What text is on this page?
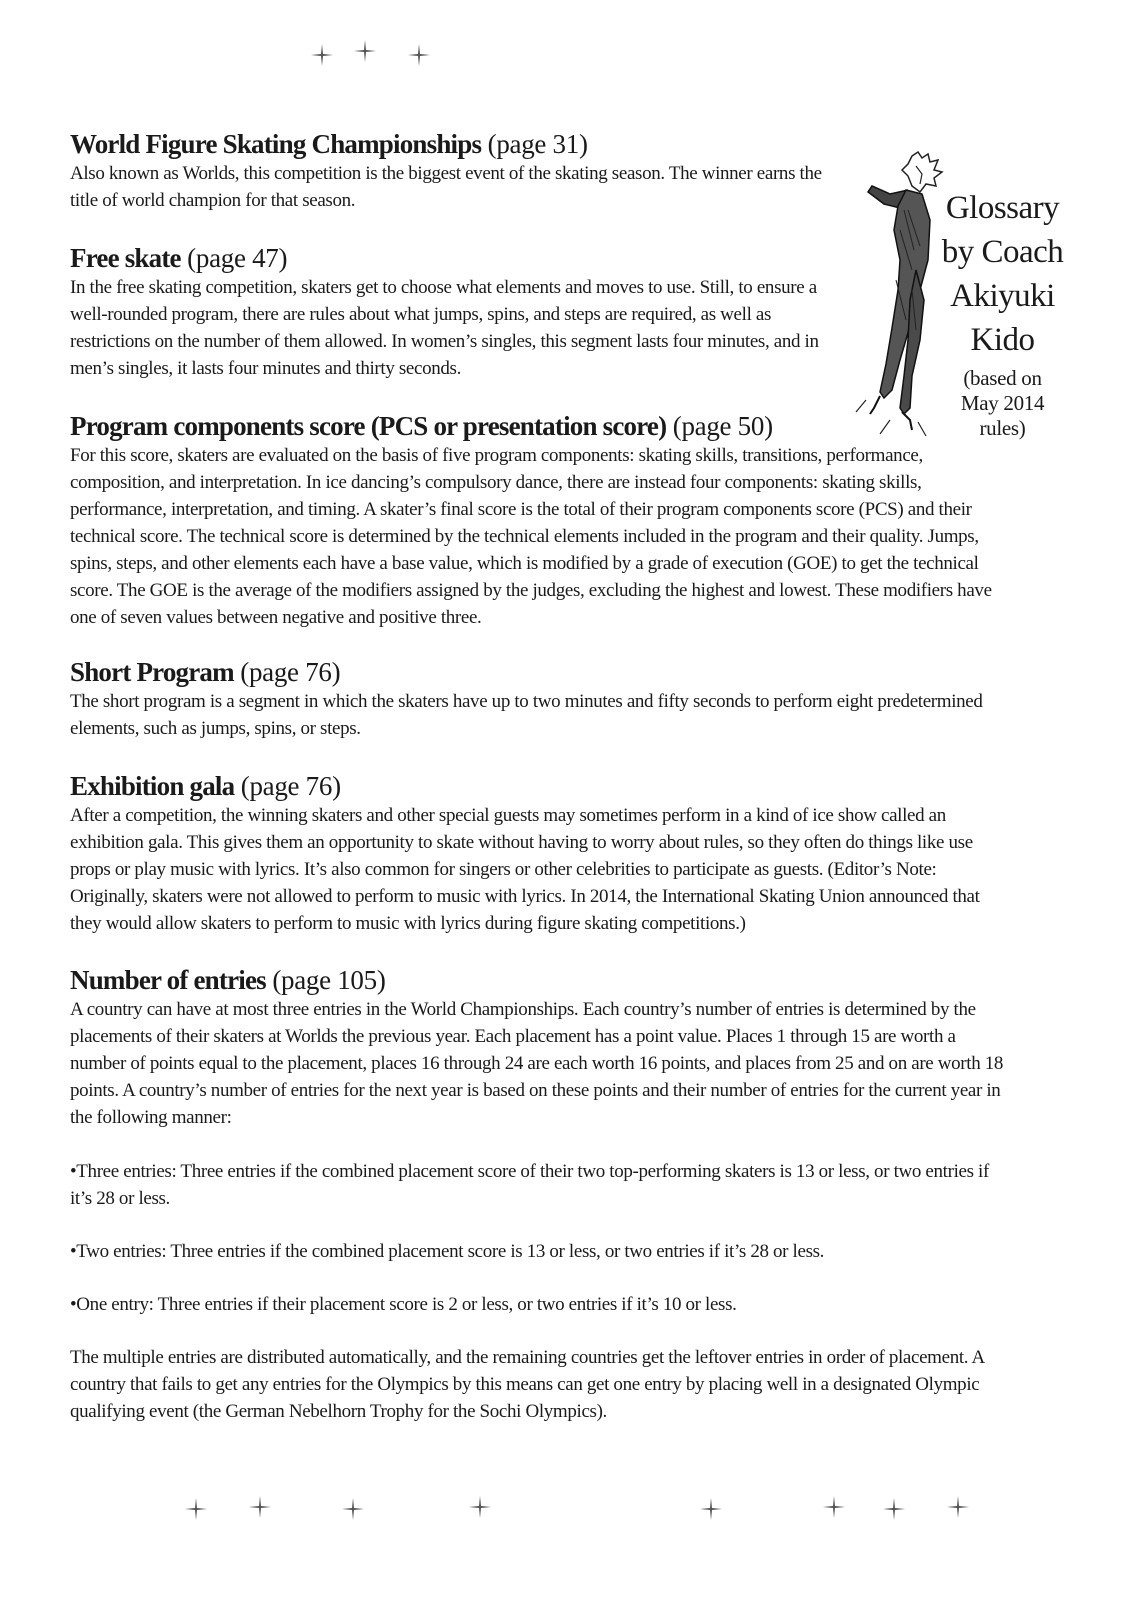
Glossary
by Coach
Akiyuki
Kido
(based on
May 2014
rules)
World Figure Skating Championships (page 31)

Also known as Worlds, this competition is the biggest event of the skating season. The winner earns the title of world champion for that season.

Free skate (page 47)

In the free skating competition, skaters get to choose what elements and moves to use. Still, to ensure a well-rounded program, there are rules about what jumps, spins, and steps are required, as well as restrictions on the number of them allowed. In women’s singles, this segment lasts four minutes, and in men’s singles, it lasts four minutes and thirty seconds.

Program components score (PCS or presentation score) (page 50)

For this score, skaters are evaluated on the basis of five program components: skating skills, transitions, performance, composition, and interpretation. In ice dancing’s compulsory dance, there are instead four components: skating skills, performance, interpretation, and timing. A skater’s final score is the total of their program components score (PCS) and their technical score. The technical score is determined by the technical elements included in the program and their quality. Jumps, spins, steps, and other elements each have a base value, which is modified by a grade of execution (GOE) to get the technical score. The GOE is the average of the modifiers assigned by the judges, excluding the highest and lowest. These modifiers have one of seven values between negative and positive three.

Short Program (page 76)

The short program is a segment in which the skaters have up to two minutes and fifty seconds to perform eight predetermined elements, such as jumps, spins, or steps.

Exhibition gala (page 76)

After a competition, the winning skaters and other special guests may sometimes perform in a kind of ice show called an exhibition gala. This gives them an opportunity to skate without having to worry about rules, so they often do things like use props or play music with lyrics. It’s also common for singers or other celebrities to participate as guests. (Editor’s Note: Originally, skaters were not allowed to perform to music with lyrics. In 2014, the International Skating Union announced that they would allow skaters to perform to music with lyrics during figure skating competitions.)

Number of entries (page 105)

A country can have at most three entries in the World Championships. Each country’s number of entries is determined by the placements of their skaters at Worlds the previous year. Each placement has a point value. Places 1 through 15 are worth a number of points equal to the placement, places 16 through 24 are each worth 16 points, and places from 25 and on are worth 18 points. A country’s number of entries for the next year is based on these points and their number of entries for the current year in the following manner:

•Three entries: Three entries if the combined placement score of their two top-performing skaters is 13 or less, or two entries if it’s 28 or less.

•Two entries: Three entries if the combined placement score is 13 or less, or two entries if it’s 28 or less.

•One entry: Three entries if their placement score is 2 or less, or two entries if it’s 10 or less.

The multiple entries are distributed automatically, and the remaining countries get the leftover entries in order of placement. A country that fails to get any entries for the Olympics by this means can get one entry by placing well in a designated Olympic qualifying event (the German Nebelhorn Trophy for the Sochi Olympics).
